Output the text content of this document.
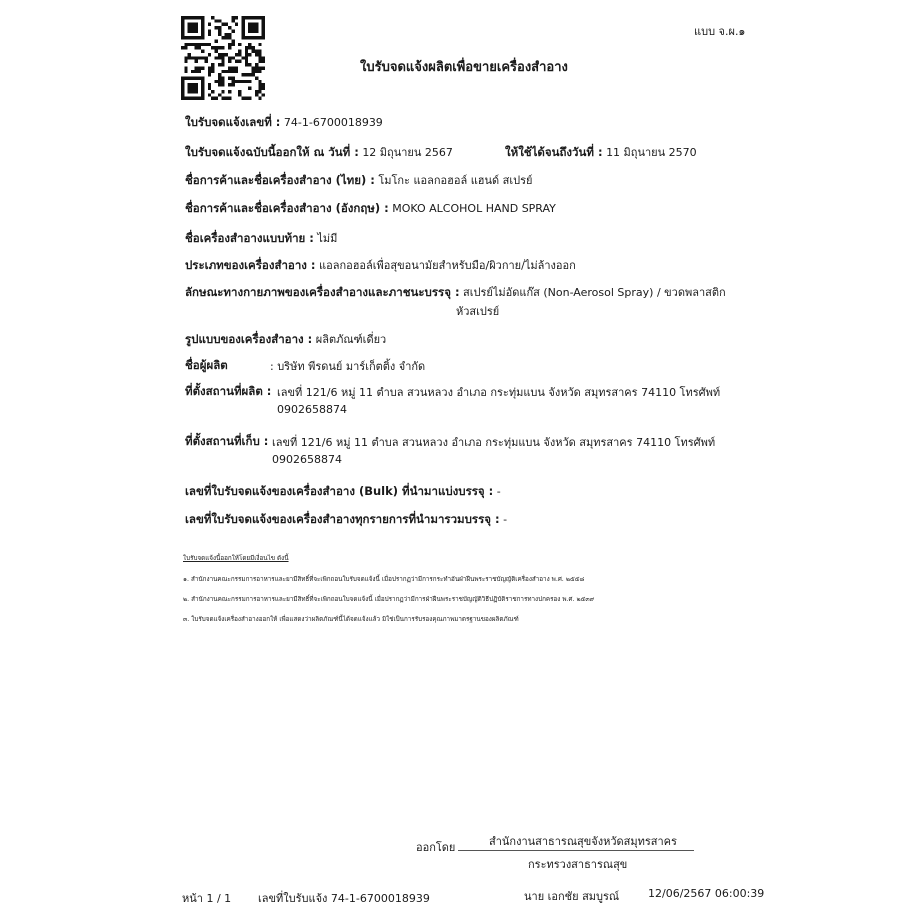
แบบ จ.ผ.๑
ใบรับจดแจ้งผลิตเพื่อขายเครื่องสำอาง
ใบรับจดแจ้งเลขที่ : 74-1-6700018939
ใบรับจดแจ้งฉบับนี้ออกให้ ณ วันที่ : 12 มิถุนายน 2567	ให้ใช้ได้จนถึงวันที่ : 11 มิถุนายน 2570
ชื่อการค้าและชื่อเครื่องสำอาง (ไทย) : โมโกะ แอลกอฮอล์ แฮนด์ สเปรย์
ชื่อการค้าและชื่อเครื่องสำอาง (อังกฤษ) : MOKO ALCOHOL HAND SPRAY
ชื่อเครื่องสำอางแบบท้าย : ไม่มี
ประเภทของเครื่องสำอาง : แอลกอฮอล์เพื่อสุขอนามัยสำหรับมือ/ผิวกาย/ไม่ล้างออก
ลักษณะทางกายภาพของเครื่องสำอางและภาชนะบรรจุ : สเปรย์ไม่อัดแก๊ส (Non-Aerosol Spray) / ขวดพลาสติก
หัวสเปรย์
รูปแบบของเครื่องสำอาง : ผลิตภัณฑ์เดี่ยว
ชื่อผู้ผลิต	: บริษัท พีรดนย์ มาร์เก็ตติ้ง จำกัด
ที่ตั้งสถานที่ผลิต : เลขที่ 121/6 หมู่ 11 ตำบล สวนหลวง อำเภอ กระทุ่มแบน จังหวัด สมุทรสาคร 74110 โทรศัพท์
0902658874
ที่ตั้งสถานที่เก็บ : เลขที่ 121/6 หมู่ 11 ตำบล สวนหลวง อำเภอ กระทุ่มแบน จังหวัด สมุทรสาคร 74110 โทรศัพท์
0902658874
เลขที่ใบรับจดแจ้งของเครื่องสำอาง (Bulk) ที่นำมาแบ่งบรรจุ : -
เลขที่ใบรับจดแจ้งของเครื่องสำอางทุกรายการที่นำมารวมบรรจุ : -
ใบรับจดแจ้งนี้ออกให้โดยมีเงื่อนไข ดังนี้
๑. สำนักงานคณะกรรมการอาหารและยามีสิทธิ์ที่จะเพิกถอนใบรับจดแจ้งนี้ เมื่อปรากฏว่ามีการกระทำอันฝ่าฝืนพระราชบัญญัติเครื่องสำอาง พ.ศ. ๒๕๕๘
๒. สำนักงานคณะกรรมการอาหารและยามีสิทธิ์ที่จะเพิกถอนใบจดแจ้งนี้ เมื่อปรากฏว่ามีการฝ่าฝืนพระราชบัญญัติวิธีปฏิบัติราชการทางปกครอง พ.ศ. ๒๕๓๙
๓. ใบรับจดแจ้งเครื่องสำอางออกให้ เพื่อแสดงว่าผลิตภัณฑ์นี้ได้จดแจ้งแล้ว มิใช่เป็นการรับรองคุณภาพมาตรฐานของผลิตภัณฑ์
ออกโดย	สำนักงานสาธารณสุขจังหวัดสมุทรสาคร
กระทรวงสาธารณสุข
หน้า 1 / 1 เลขที่ใบรับแจ้ง 74-1-6700018939	นาย เอกชัย สมบูรณ์	12/06/2567 06:00:39
